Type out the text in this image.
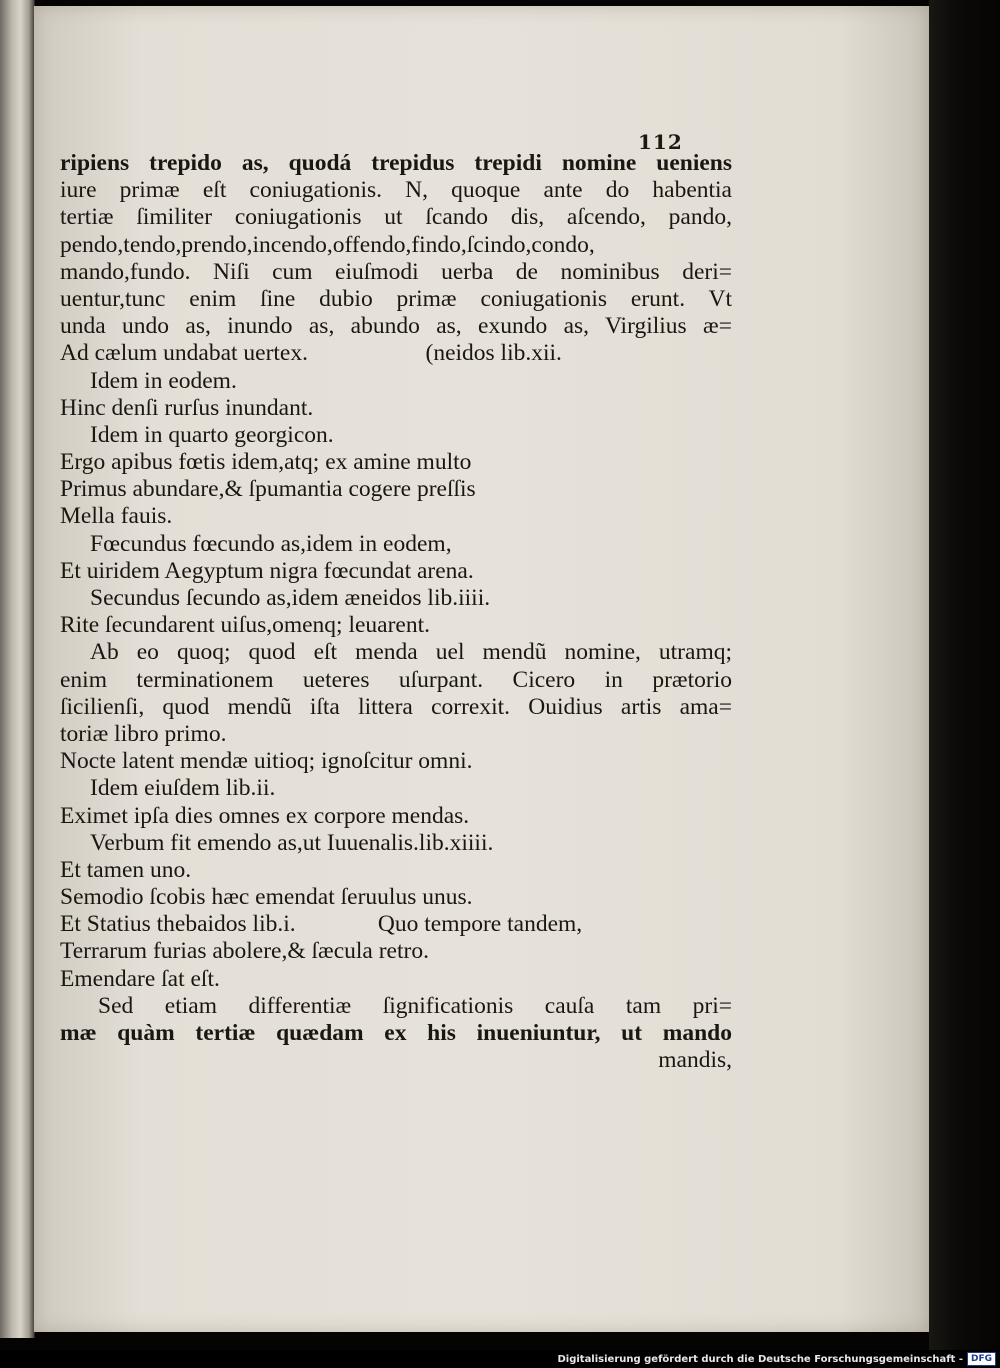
112
ripiens trepido as, quodá trepidus trepidi nomine ueniens
iure primæ eſt coniugationis. N, quoque ante do habentia
tertiæ ſimiliter coniugationis ut ſcando dis, aſcendo, pando,
pendo,tendo,prendo,incendo,offendo,findo,ſcindo,condo,
mando,fundo. Niſi cum eiuſmodi uerba de nominibus deri=
uentur,tunc enim ſine dubio primæ coniugationis erunt. Vt
unda undo as, inundo as, abundo as, exundo as, Virgilius æ=
Ad cælum undabat uertex.                    (neidos lib.xii.
Idem in eodem.
Hinc denſi rurſus inundant.
Idem in quarto georgicon.
Ergo apibus fœtis idem,atq; ex amine multo
Primus abundare,& ſpumantia cogere preſſis
Mella fauis.
Fœcundus fœcundo as,idem in eodem,
Et uiridem Aegyptum nigra fœcundat arena.
Secundus ſecundo as,idem æneidos lib.iiii.
Rite ſecundarent uiſus,omenq; leuarent.
Ab eo quoq; quod eſt menda uel mendũ nomine, utramq;
enim terminationem ueteres uſurpant. Cicero in prætorio
ſicilienſi, quod mendũ iſta littera correxit. Ouidius artis ama=
toriæ libro primo.
Nocte latent mendæ uitioq; ignoſcitur omni.
Idem eiuſdem lib.ii.
Eximet ipſa dies omnes ex corpore mendas.
Verbum fit emendo as,ut Iuuenalis.lib.xiiii.
Et tamen uno.
Semodio ſcobis hæc emendat ſeruulus unus.
Et Statius thebaidos lib.i.              Quo tempore tandem,
Terrarum furias abolere,& ſæcula retro.
Emendare ſat eſt.
Sed etiam differentiæ ſignificationis cauſa tam pri=
mæ quàm tertiæ quædam ex his inueniuntur, ut mando
mandis,
Digitalisierung gefördert durch die Deutsche Forschungsgemeinschaft - DFG
